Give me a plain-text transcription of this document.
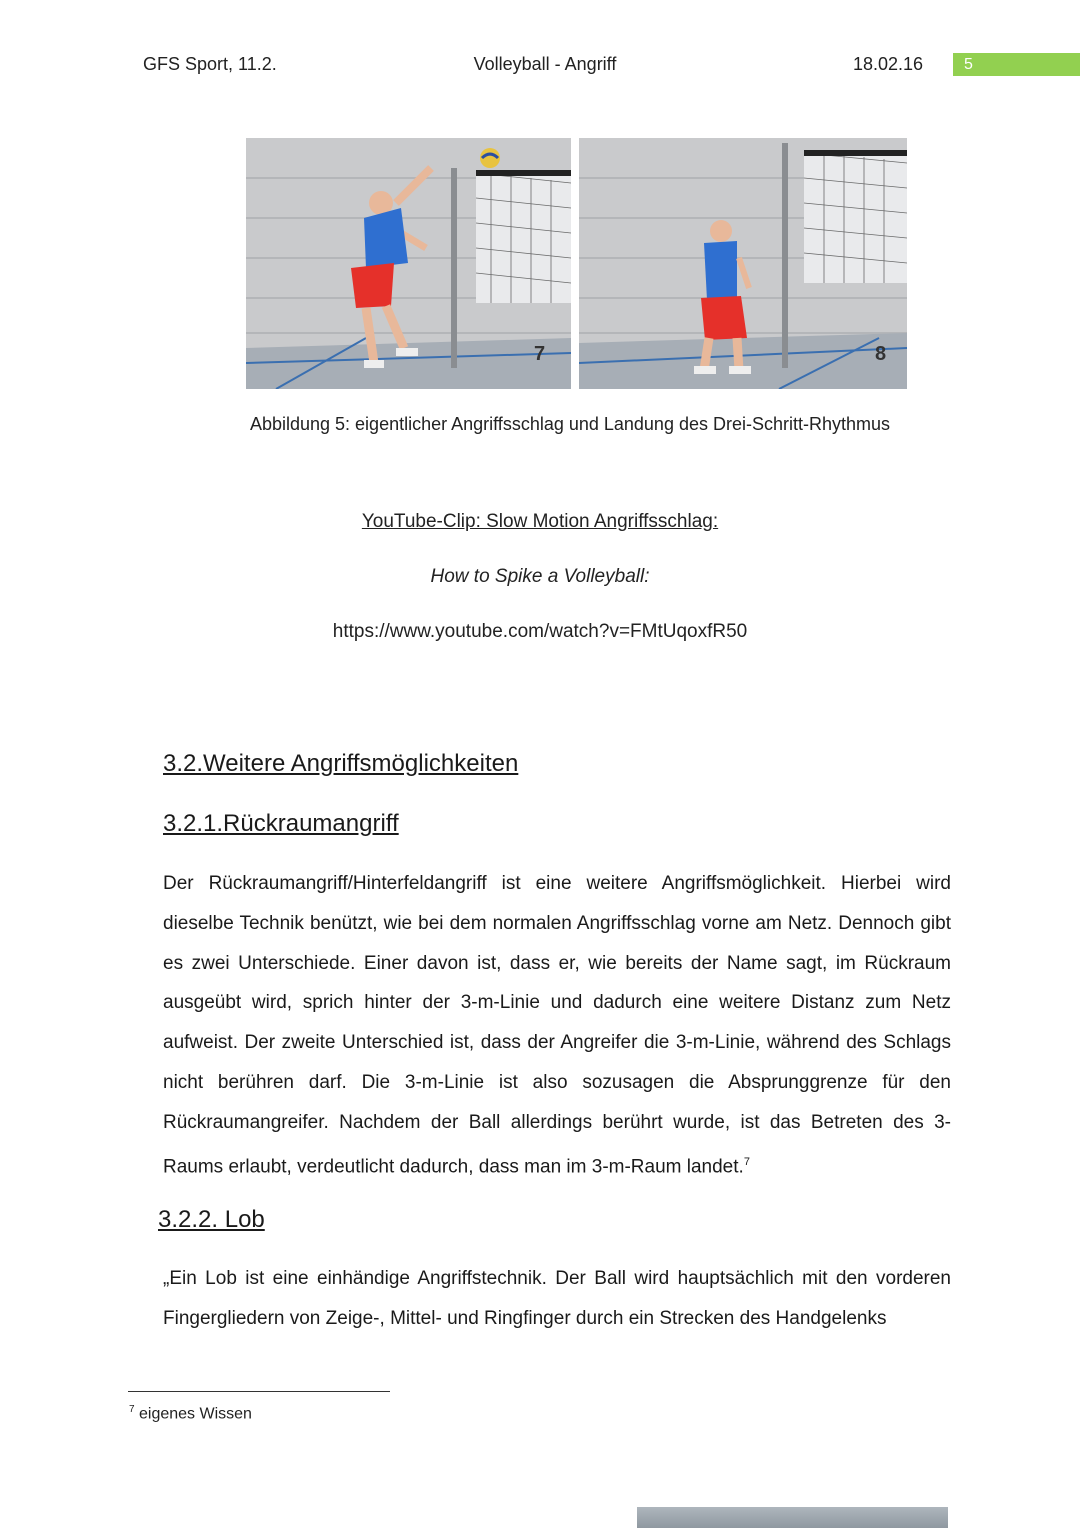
GFS Sport, 11.2.	Volleyball - Angriff	18.02.16	5
7	8
Abbildung 5: eigentlicher Angriffsschlag und Landung des Drei-Schritt-Rhythmus
YouTube-Clip: Slow Motion Angriffsschlag:
How to Spike a Volleyball:
https://www.youtube.com/watch?v=FMtUqoxfR50
3.2.Weitere Angriffsmöglichkeiten
3.2.1.Rückraumangriff
Der Rückraumangriff/Hinterfeldangriff ist eine weitere Angriffsmöglichkeit. Hierbei wird dieselbe Technik benützt, wie bei dem normalen Angriffsschlag vorne am Netz. Dennoch gibt es zwei Unterschiede. Einer davon ist, dass er, wie bereits der Name sagt, im Rückraum ausgeübt wird, sprich hinter der 3-m-Linie und dadurch eine weitere Distanz zum Netz aufweist. Der zweite Unterschied ist, dass der Angreifer die 3-m-Linie, während des Schlags nicht berühren darf. Die 3-m-Linie ist also sozusagen die Absprunggrenze für den Rückraumangreifer. Nachdem der Ball allerdings berührt wurde, ist das Betreten des 3-Raums erlaubt, verdeutlicht dadurch, dass man im 3-m-Raum landet.$^7$
3.2.2. Lob
„Ein Lob ist eine einhändige Angriffstechnik. Der Ball wird hauptsächlich mit den vorderen Fingergliedern von Zeige-, Mittel- und Ringfinger durch ein Strecken des Handgelenks
$^7$ eigenes Wissen
